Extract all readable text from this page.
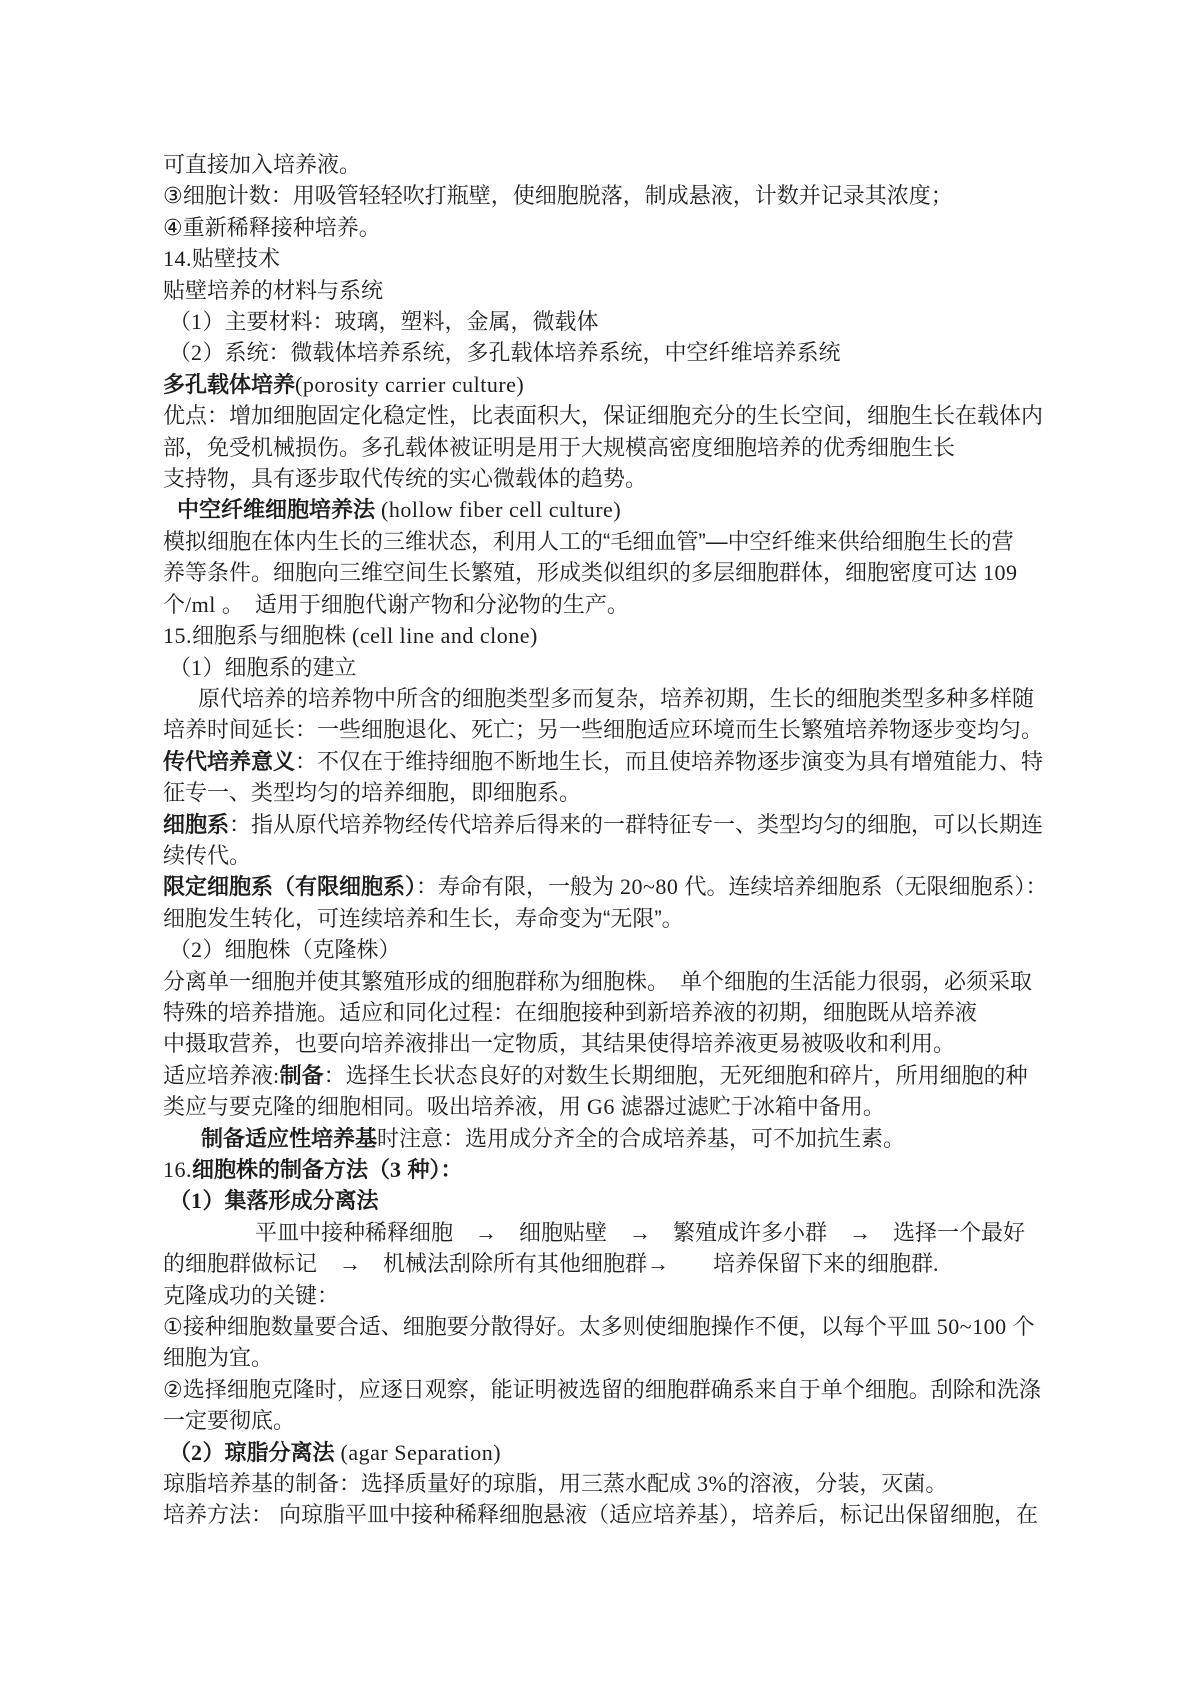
可直接加入培养液。
③细胞计数：用吸管轻轻吹打瓶壁，使细胞脱落，制成悬液，计数并记录其浓度；
④重新稀释接种培养。
14.贴壁技术
贴壁培养的材料与系统
（1）主要材料：玻璃，塑料，金属，微载体
（2）系统：微载体培养系统，多孔载体培养系统，中空纤维培养系统
多孔载体培养(porosity carrier culture)
优点：增加细胞固定化稳定性，比表面积大，保证细胞充分的生长空间，细胞生长在载体内
部，免受机械损伤。多孔载体被证明是用于大规模高密度细胞培养的优秀细胞生长
支持物，具有逐步取代传统的实心微载体的趋势。
中空纤维细胞培养法 (hollow fiber cell culture)
模拟细胞在体内生长的三维状态，利用人工的“毛细血管”—中空纤维来供给细胞生长的营
养等条件。细胞向三维空间生长繁殖，形成类似组织的多层细胞群体，细胞密度可达 109
个/ml 。　适用于细胞代谢产物和分泌物的生产。
15.细胞系与细胞株 (cell line and clone)
（1）细胞系的建立
原代培养的培养物中所含的细胞类型多而复杂，培养初期，生长的细胞类型多种多样随
培养时间延长：一些细胞退化、死亡；另一些细胞适应环境而生长繁殖培养物逐步变均匀。
传代培养意义：不仅在于维持细胞不断地生长，而且使培养物逐步演变为具有增殖能力、特
征专一、类型均匀的培养细胞，即细胞系。
细胞系：指从原代培养物经传代培养后得来的一群特征专一、类型均匀的细胞，可以长期连
续传代。
限定细胞系（有限细胞系）：寿命有限，一般为 20~80 代。连续培养细胞系（无限细胞系）：
细胞发生转化，可连续培养和生长，寿命变为“无限”。
（2）细胞株（克隆株）
分离单一细胞并使其繁殖形成的细胞群称为细胞株。　单个细胞的生活能力很弱，必须采取
特殊的培养措施。适应和同化过程：在细胞接种到新培养液的初期，细胞既从培养液
中摄取营养，也要向培养液排出一定物质，其结果使得培养液更易被吸收和利用。
适应培养液:制备：选择生长状态良好的对数生长期细胞，无死细胞和碎片，所用细胞的种
类应与要克隆的细胞相同。吸出培养液，用 G6 滤器过滤贮于冰箱中备用。
制备适应性培养基时注意：选用成分齐全的合成培养基，可不加抗生素。
16.细胞株的制备方法（3 种）：
（1）集落形成分离法
平皿中接种稀释细胞　→　细胞贴壁　→　繁殖成许多小群　→　选择一个最好
的细胞群做标记　→　机械法刮除所有其他细胞群→　　培养保留下来的细胞群.
克隆成功的关键：
①接种细胞数量要合适、细胞要分散得好。太多则使细胞操作不便，以每个平皿 50~100 个
细胞为宜。
②选择细胞克隆时，应逐日观察，能证明被选留的细胞群确系来自于单个细胞。刮除和洗涤
一定要彻底。
（2）琼脂分离法 (agar Separation)
琼脂培养基的制备：选择质量好的琼脂，用三蒸水配成 3%的溶液，分装，灭菌。
培养方法： 向琼脂平皿中接种稀释细胞悬液（适应培养基），培养后，标记出保留细胞，在
